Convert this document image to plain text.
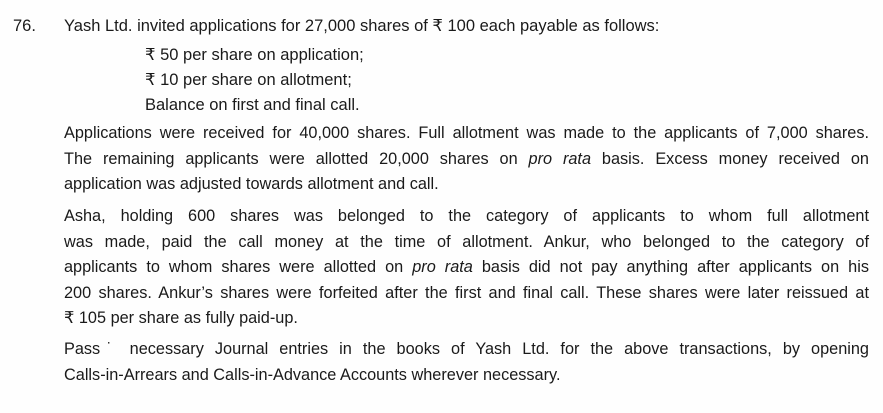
76. Yash Ltd. invited applications for 27,000 shares of ₹ 100 each payable as follows:
₹ 50 per share on application;
₹ 10 per share on allotment;
Balance on first and final call.

Applications were received for 40,000 shares. Full allotment was made to the applicants of 7,000 shares.
The remaining applicants were allotted 20,000 shares on pro rata basis. Excess money received on
application was adjusted towards allotment and call.

Asha, holding 600 shares was belonged to the category of applicants to whom full allotment
was made, paid the call money at the time of allotment. Ankur, who belonged to the category of
applicants to whom shares were allotted on pro rata basis did not pay anything after applicants on his
200 shares. Ankur’s shares were forfeited after the first and final call. These shares were later reissued at
₹ 105 per share as fully paid-up.

Pass˙ necessary Journal entries in the books of Yash Ltd. for the above transactions, by opening
Calls-in-Arrears and Calls-in-Advance Accounts wherever necessary.
